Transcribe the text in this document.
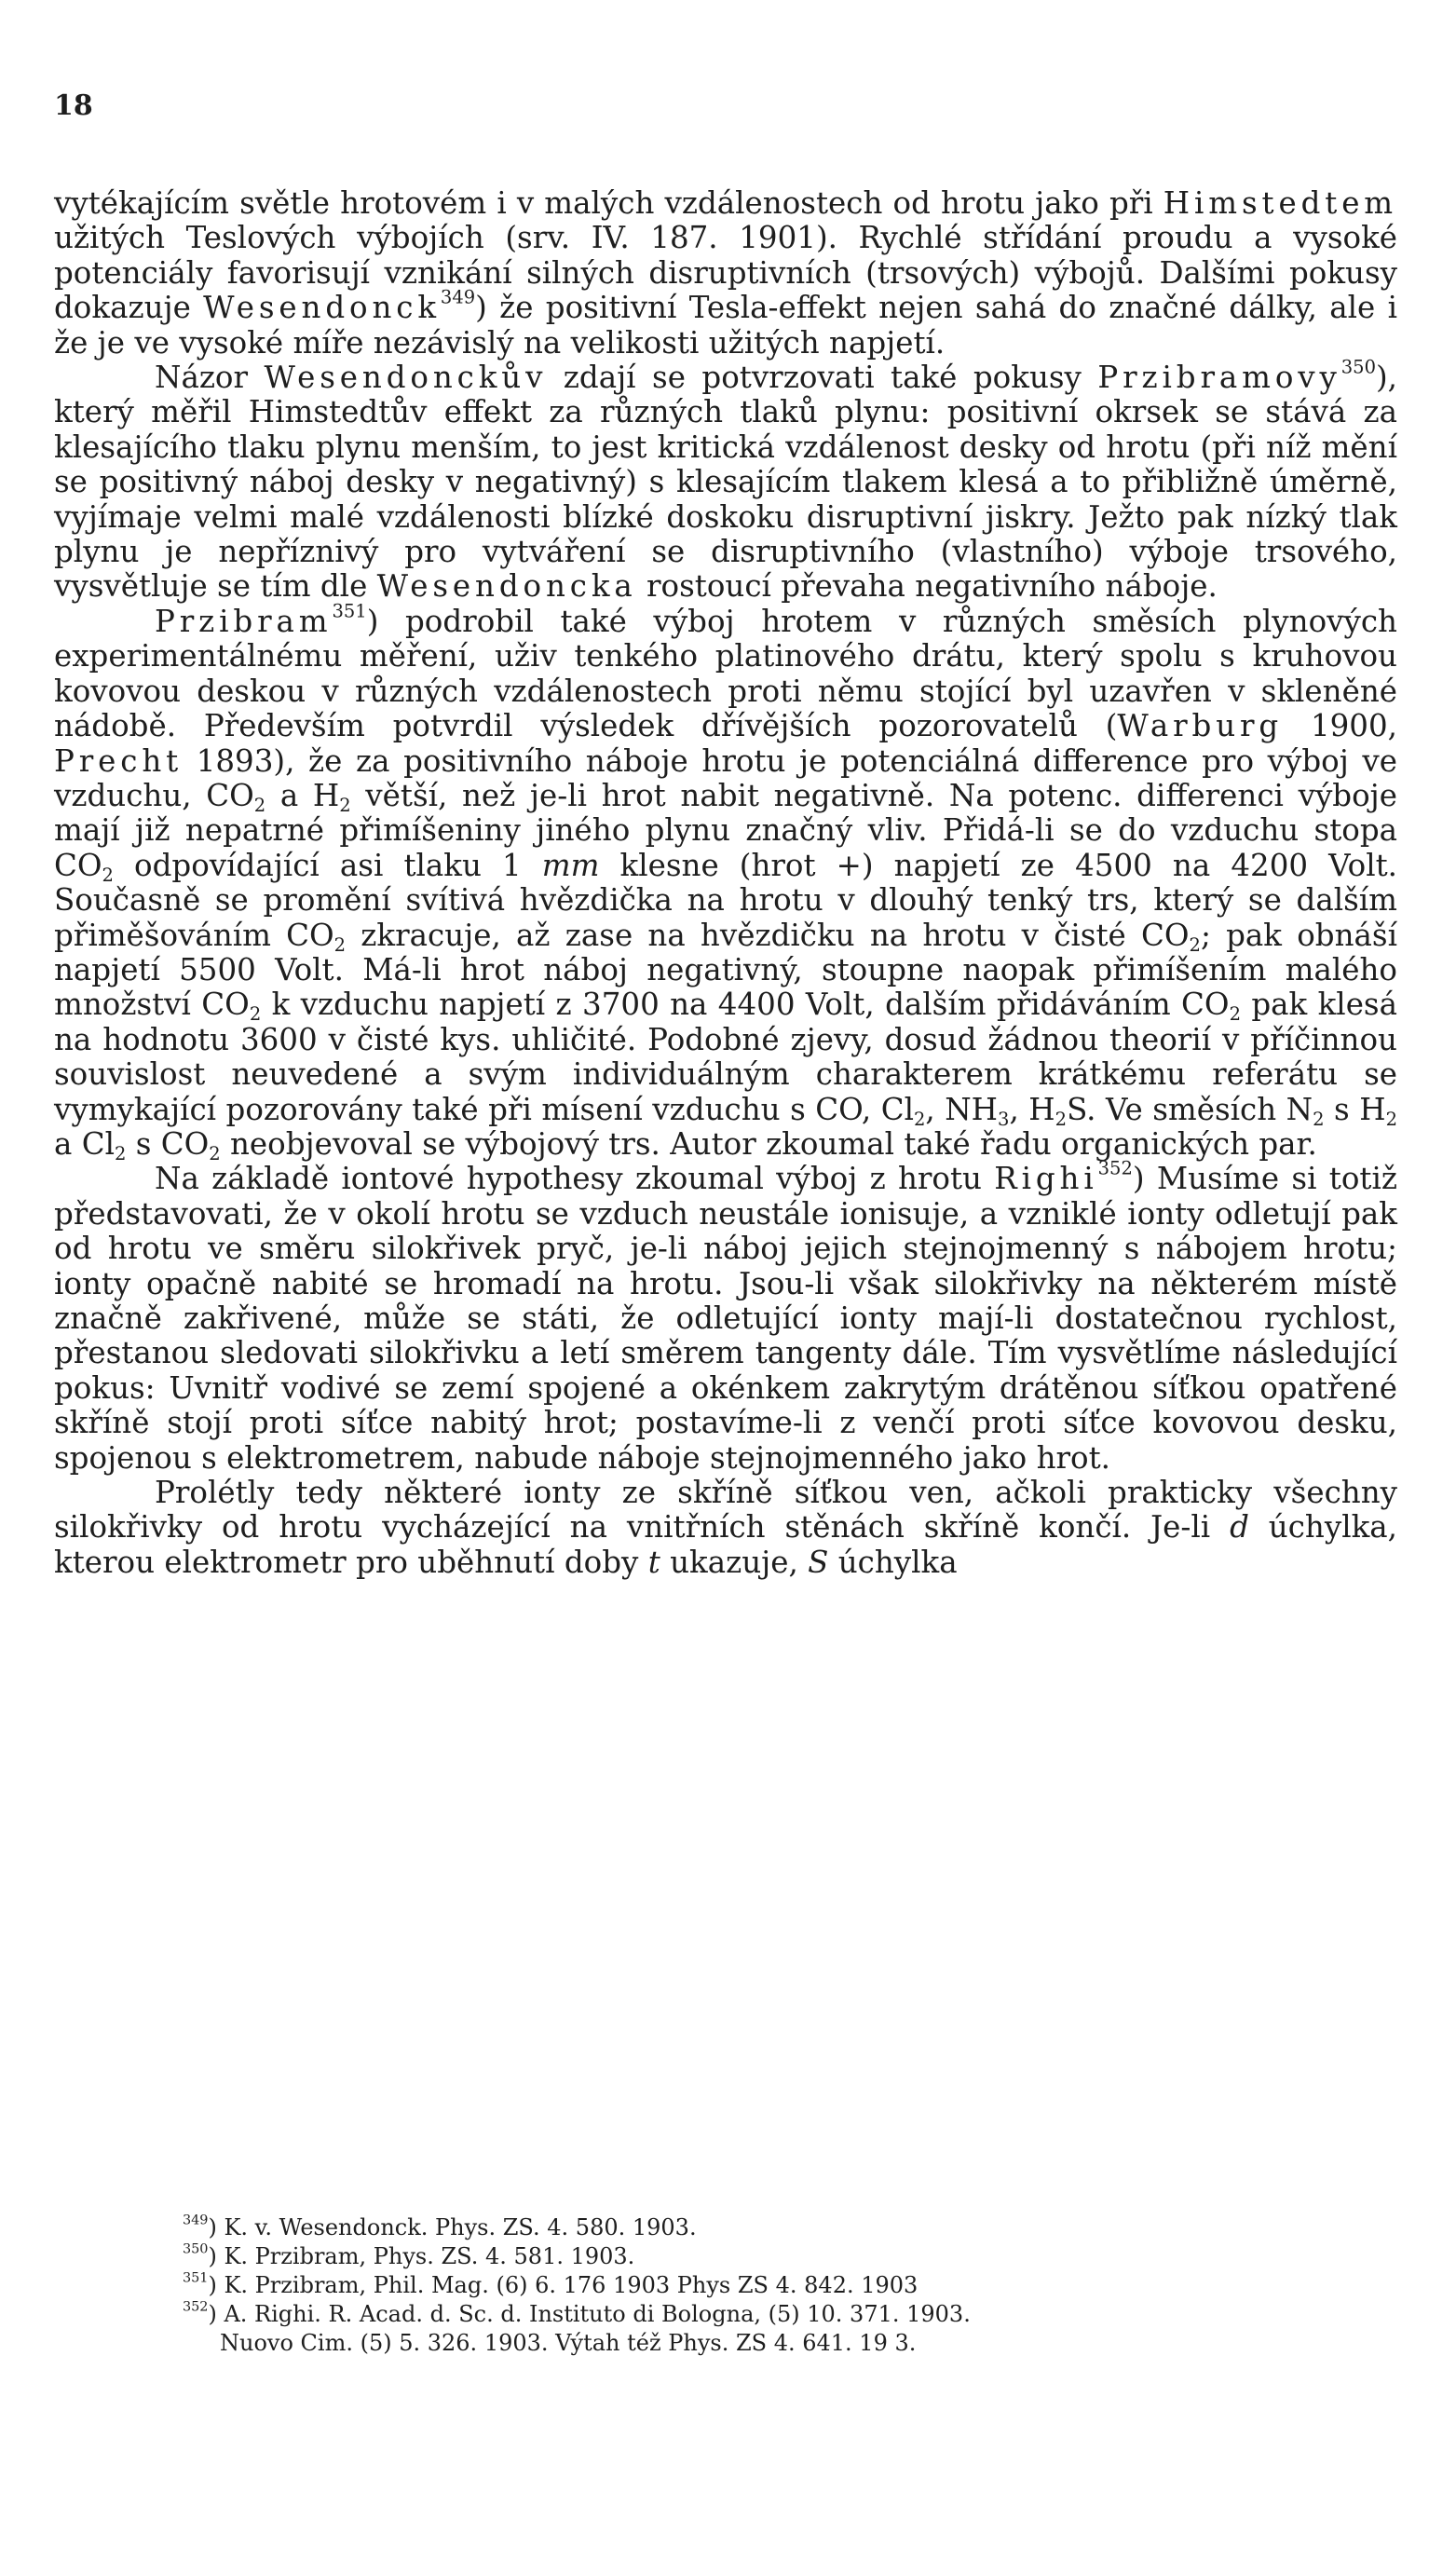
18

vytékajícím světle hrotovém i v malých vzdálenostech od hrotu jako při Himstedtem užitých Teslových výbojích (srv. IV. 187. 1901). Rychlé střídání proudu a vysoké potenciály favorisují vznikání silných disruptivních (trsových) výbojů. Dalšími pokusy dokazuje Wesendonck$^{349}$) že positivní Tesla-effekt nejen sahá do značné dálky, ale i že je ve vysoké míře nezávislý na velikosti užitých napjetí.

Názor Wesendonckův zdají se potvrzovati také pokusy Przibramovy$^{350}$), který měřil Himstedtův effekt za různých tlaků plynu: positivní okrsek se stává za klesajícího tlaku plynu menším, to jest kritická vzdálenost desky od hrotu (při níž mění se positivný náboj desky v negativný) s klesajícím tlakem klesá a to přibližně úměrně, vyjímaje velmi malé vzdálenosti blízké doskoku disruptivní jiskry. Ježto pak nízký tlak plynu je nepříznivý pro vytváření se disruptivního (vlastního) výboje trsového, vysvětluje se tím dle Wesendoncka rostoucí převaha negativního náboje.

Przibram$^{351}$) podrobil také výboj hrotem v různých směsích plynových experimentálnému měření, uživ tenkého platinového drátu, který spolu s kruhovou kovovou deskou v různých vzdálenostech proti němu stojící byl uzavřen v skleněné nádobě. Především potvrdil výsledek dřívějších pozorovatelů (Warburg 1900, Precht 1893), že za positivního náboje hrotu je potenciálná difference pro výboj ve vzduchu, $CO_2$ a $H_2$ větší, než je-li hrot nabit negativně. Na potenc. differenci výboje mají již nepatrné přimíšeniny jiného plynu značný vliv. Přidá-li se do vzduchu stopa $CO_2$ odpovídající asi tlaku 1 mm klesne (hrot +) napjetí ze 4500 na 4200 Volt. Současně se promění svítivá hvězdička na hrotu v dlouhý tenký trs, který se dalším přiměšováním $CO_2$ zkracuje, až zase na hvězdičku na hrotu v čisté $CO_2$; pak obnáší napjetí 5500 Volt. Má-li hrot náboj negativný, stoupne naopak přimíšením malého množství $CO_2$ k vzduchu napjetí z 3700 na 4400 Volt, dalším přidáváním $CO_2$ pak klesá na hodnotu 3600 v čisté kys. uhličité. Podobné zjevy, dosud žádnou theorií v příčinnou souvislost neuvedené a svým individuálným charakterem krátkému referátu se vymykající pozorovány také při mísení vzduchu s CO, $Cl_2$, $NH_3$, $H_2S$. Ve směsích $N_2$ s $H_2$ a $Cl_2$ s $CO_2$ neobjevoval se výbojový trs. Autor zkoumal také řadu organických par.

Na základě iontové hypothesy zkoumal výboj z hrotu Righi$^{352}$) Musíme si totiž představovati, že v okolí hrotu se vzduch neustále ionisuje, a vzniklé ionty odletují pak od hrotu ve směru silokřivek pryč, je-li náboj jejich stejnojmenný s nábojem hrotu; ionty opačně nabité se hromadí na hrotu. Jsou-li však silokřivky na některém místě značně zakřivené, může se státi, že odletující ionty mají-li dostatečnou rychlost, přestanou sledovati silokřivku a letí směrem tangenty dále. Tím vysvětlíme následující pokus: Uvnitř vodivé se zemí spojené a okénkem zakrytým drátěnou síťkou opatřené skříně stojí proti síťce nabitý hrot; postavíme-li z venčí proti síťce kovovou desku, spojenou s elektrometrem, nabude náboje stejnojmenného jako hrot.

Prolétly tedy některé ionty ze skříně síťkou ven, ačkoli prakticky všechny silokřivky od hrotu vycházející na vnitřních stěnách skříně končí. Je-li d úchylka, kterou elektrometr pro uběhnutí doby t ukazuje, S úchylka

$^{349}$) K. v. Wesendonck. Phys. ZS. 4. 580. 1903.
$^{350}$) K. Przibram, Phys. ZS. 4. 581. 1903.
$^{351}$) K. Przibram, Phil. Mag. (6) 6. 176 1903 Phys ZS 4. 842. 1903
$^{352}$) A. Righi. R. Acad. d. Sc. d. Instituto di Bologna, (5) 10. 371. 1903.
Nuovo Cim. (5) 5. 326. 1903. Výtah též Phys. ZS 4. 641. 19 3.
